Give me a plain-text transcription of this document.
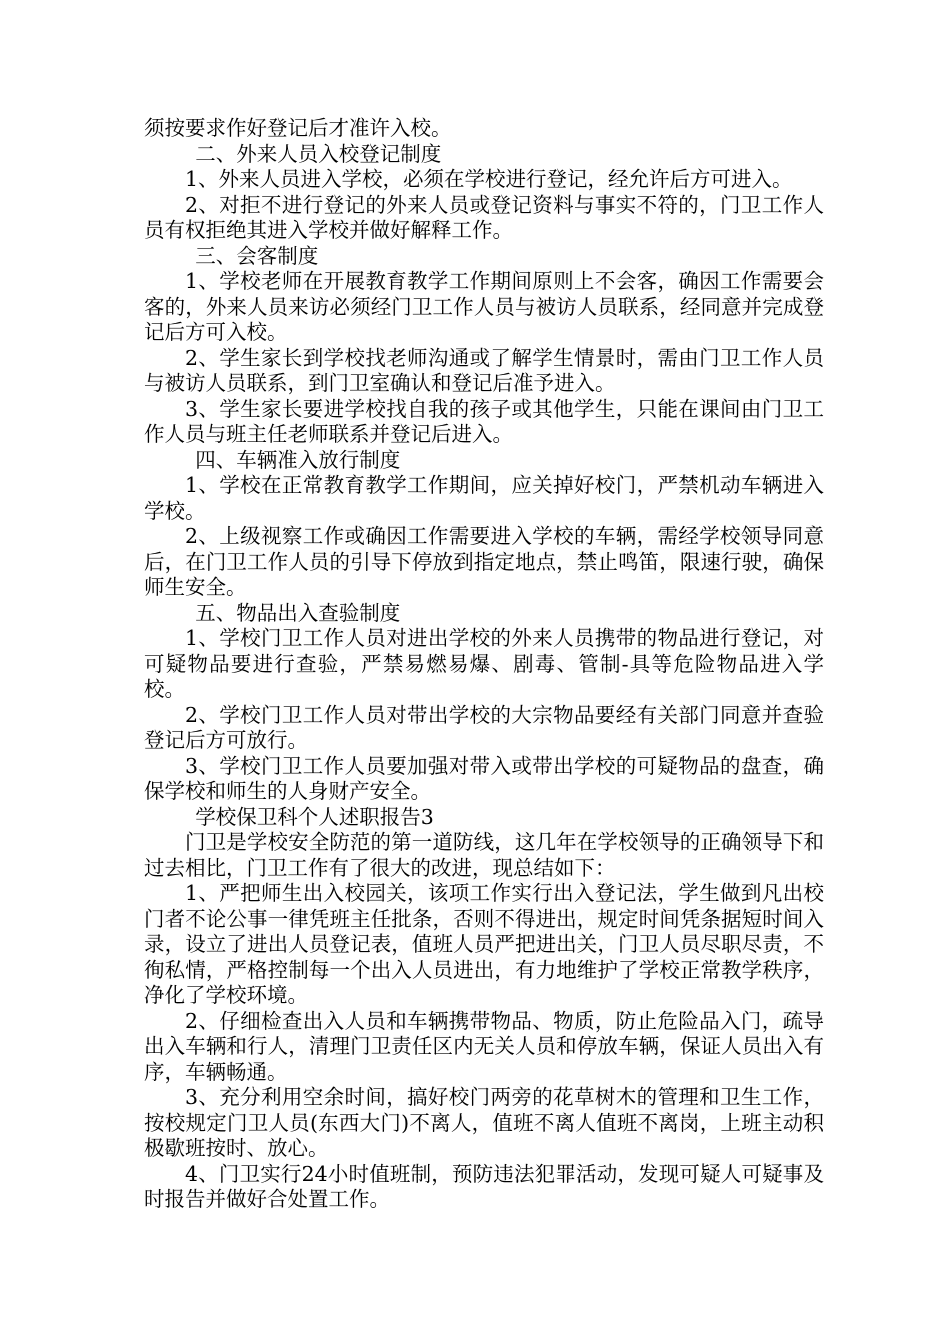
须按要求作好登记后才准许入校。

二、外来人员入校登记制度

1、外来人员进入学校，必须在学校进行登记，经允许后方可进入。

2、对拒不进行登记的外来人员或登记资料与事实不符的，门卫工作人员有权拒绝其进入学校并做好解释工作。

三、会客制度

1、学校老师在开展教育教学工作期间原则上不会客，确因工作需要会客的，外来人员来访必须经门卫工作人员与被访人员联系，经同意并完成登记后方可入校。

2、学生家长到学校找老师沟通或了解学生情景时，需由门卫工作人员与被访人员联系，到门卫室确认和登记后准予进入。

3、学生家长要进学校找自我的孩子或其他学生，只能在课间由门卫工作人员与班主任老师联系并登记后进入。

四、车辆准入放行制度

1、学校在正常教育教学工作期间，应关掉好校门，严禁机动车辆进入学校。

2、上级视察工作或确因工作需要进入学校的车辆，需经学校领导同意后，在门卫工作人员的引导下停放到指定地点，禁止鸣笛，限速行驶，确保师生安全。

五、物品出入查验制度

1、学校门卫工作人员对进出学校的外来人员携带的物品进行登记，对可疑物品要进行查验，严禁易燃易爆、剧毒、管制-具等危险物品进入学校。

2、学校门卫工作人员对带出学校的大宗物品要经有关部门同意并查验登记后方可放行。

3、学校门卫工作人员要加强对带入或带出学校的可疑物品的盘查，确保学校和师生的人身财产安全。

学校保卫科个人述职报告3

门卫是学校安全防范的第一道防线，这几年在学校领导的正确领导下和过去相比，门卫工作有了很大的改进，现总结如下：

1、严把师生出入校园关，该项工作实行出入登记法，学生做到凡出校门者不论公事一律凭班主任批条，否则不得进出，规定时间凭条据短时间入录，设立了进出人员登记表，值班人员严把进出关，门卫人员尽职尽责，不徇私情，严格控制每一个出入人员进出，有力地维护了学校正常教学秩序，净化了学校环境。

2、仔细检查出入人员和车辆携带物品、物质，防止危险品入门，疏导出入车辆和行人，清理门卫责任区内无关人员和停放车辆，保证人员出入有序，车辆畅通。

3、充分利用空余时间，搞好校门两旁的花草树木的管理和卫生工作，按校规定门卫人员(东西大门)不离人，值班不离人值班不离岗，上班主动积极歇班按时、放心。

4、门卫实行24小时值班制，预防违法犯罪活动，发现可疑人可疑事及时报告并做好合处置工作。
